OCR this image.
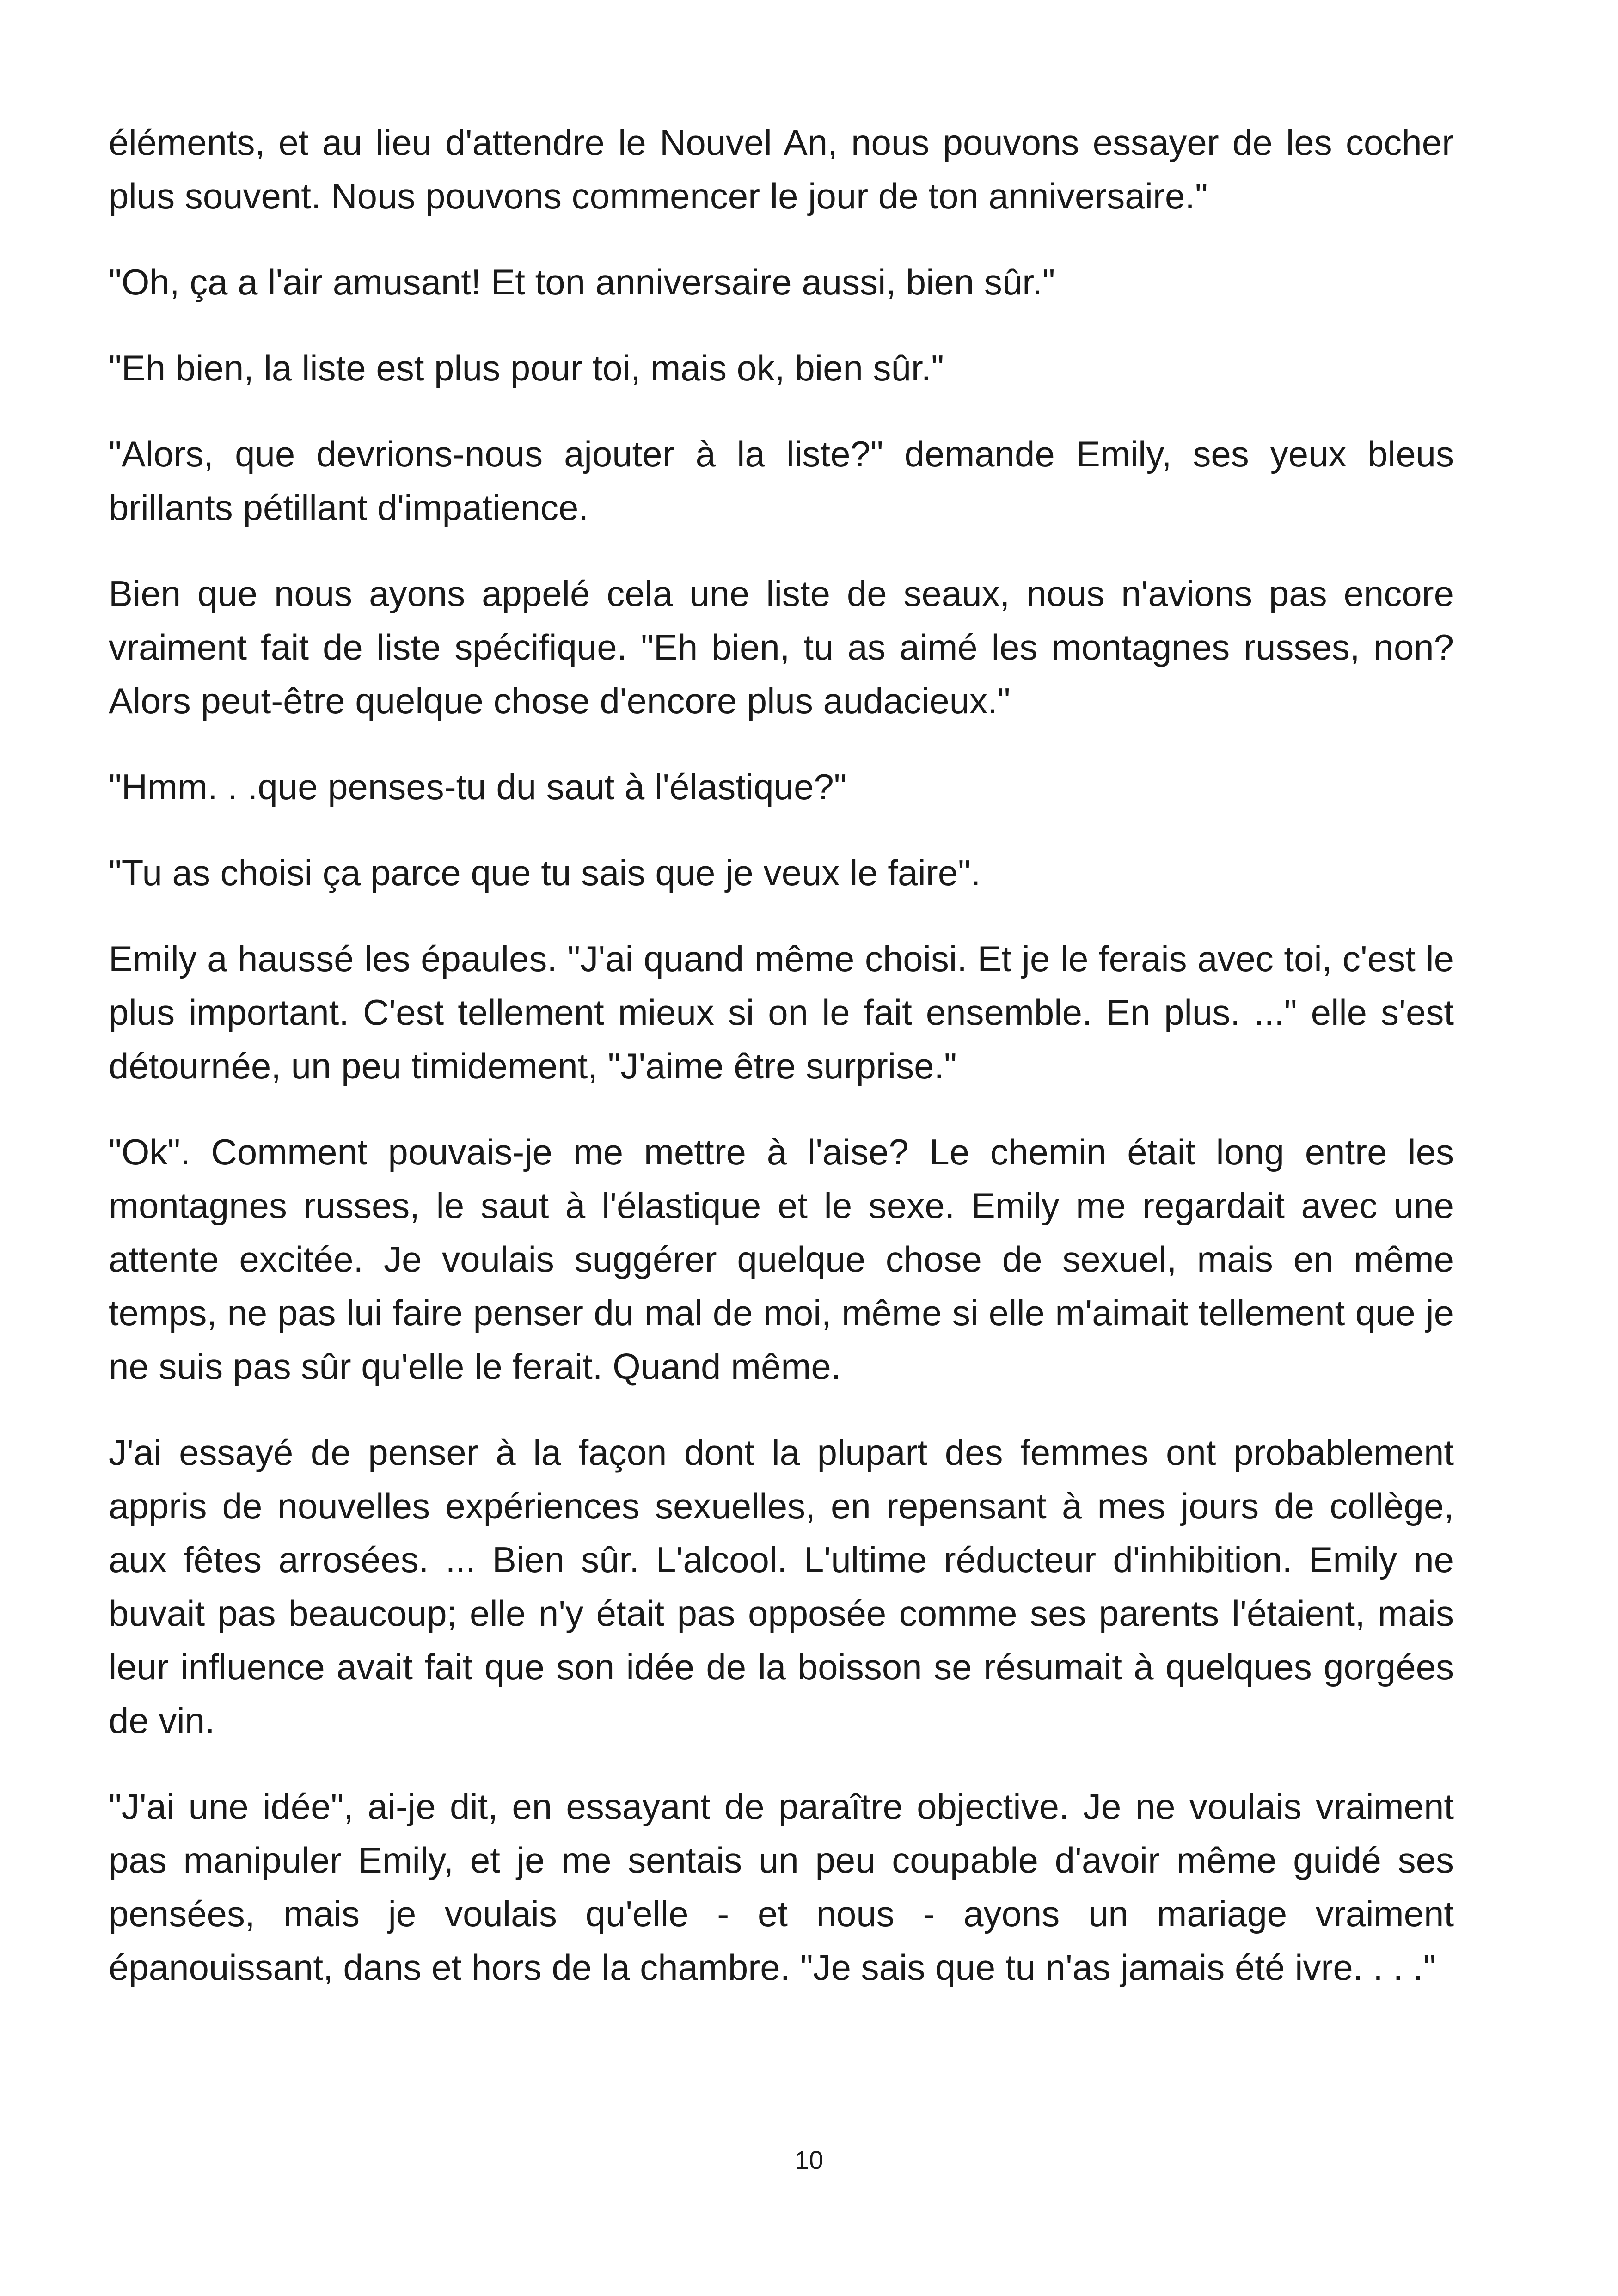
éléments, et au lieu d'attendre le Nouvel An, nous pouvons essayer de les cocher plus souvent. Nous pouvons commencer le jour de ton anniversaire."

"Oh, ça a l'air amusant! Et ton anniversaire aussi, bien sûr."

"Eh bien, la liste est plus pour toi, mais ok, bien sûr."

"Alors, que devrions-nous ajouter à la liste?" demande Emily, ses yeux bleus brillants pétillant d'impatience.

Bien que nous ayons appelé cela une liste de seaux, nous n'avions pas encore vraiment fait de liste spécifique. "Eh bien, tu as aimé les montagnes russes, non? Alors peut-être quelque chose d'encore plus audacieux."

"Hmm. . .que penses-tu du saut à l'élastique?"

"Tu as choisi ça parce que tu sais que je veux le faire".

Emily a haussé les épaules. "J'ai quand même choisi. Et je le ferais avec toi, c'est le plus important. C'est tellement mieux si on le fait ensemble. En plus. ..." elle s'est détournée, un peu timidement, "J'aime être surprise."

"Ok". Comment pouvais-je me mettre à l'aise? Le chemin était long entre les montagnes russes, le saut à l'élastique et le sexe. Emily me regardait avec une attente excitée. Je voulais suggérer quelque chose de sexuel, mais en même temps, ne pas lui faire penser du mal de moi, même si elle m'aimait tellement que je ne suis pas sûr qu'elle le ferait. Quand même.

J'ai essayé de penser à la façon dont la plupart des femmes ont probablement appris de nouvelles expériences sexuelles, en repensant à mes jours de collège, aux fêtes arrosées. ... Bien sûr. L'alcool. L'ultime réducteur d'inhibition. Emily ne buvait pas beaucoup; elle n'y était pas opposée comme ses parents l'étaient, mais leur influence avait fait que son idée de la boisson se résumait à quelques gorgées de vin.

"J'ai une idée", ai-je dit, en essayant de paraître objective. Je ne voulais vraiment pas manipuler Emily, et je me sentais un peu coupable d'avoir même guidé ses pensées, mais je voulais qu'elle - et nous - ayons un mariage vraiment épanouissant, dans et hors de la chambre. "Je sais que tu n'as jamais été ivre. . . ."

10
